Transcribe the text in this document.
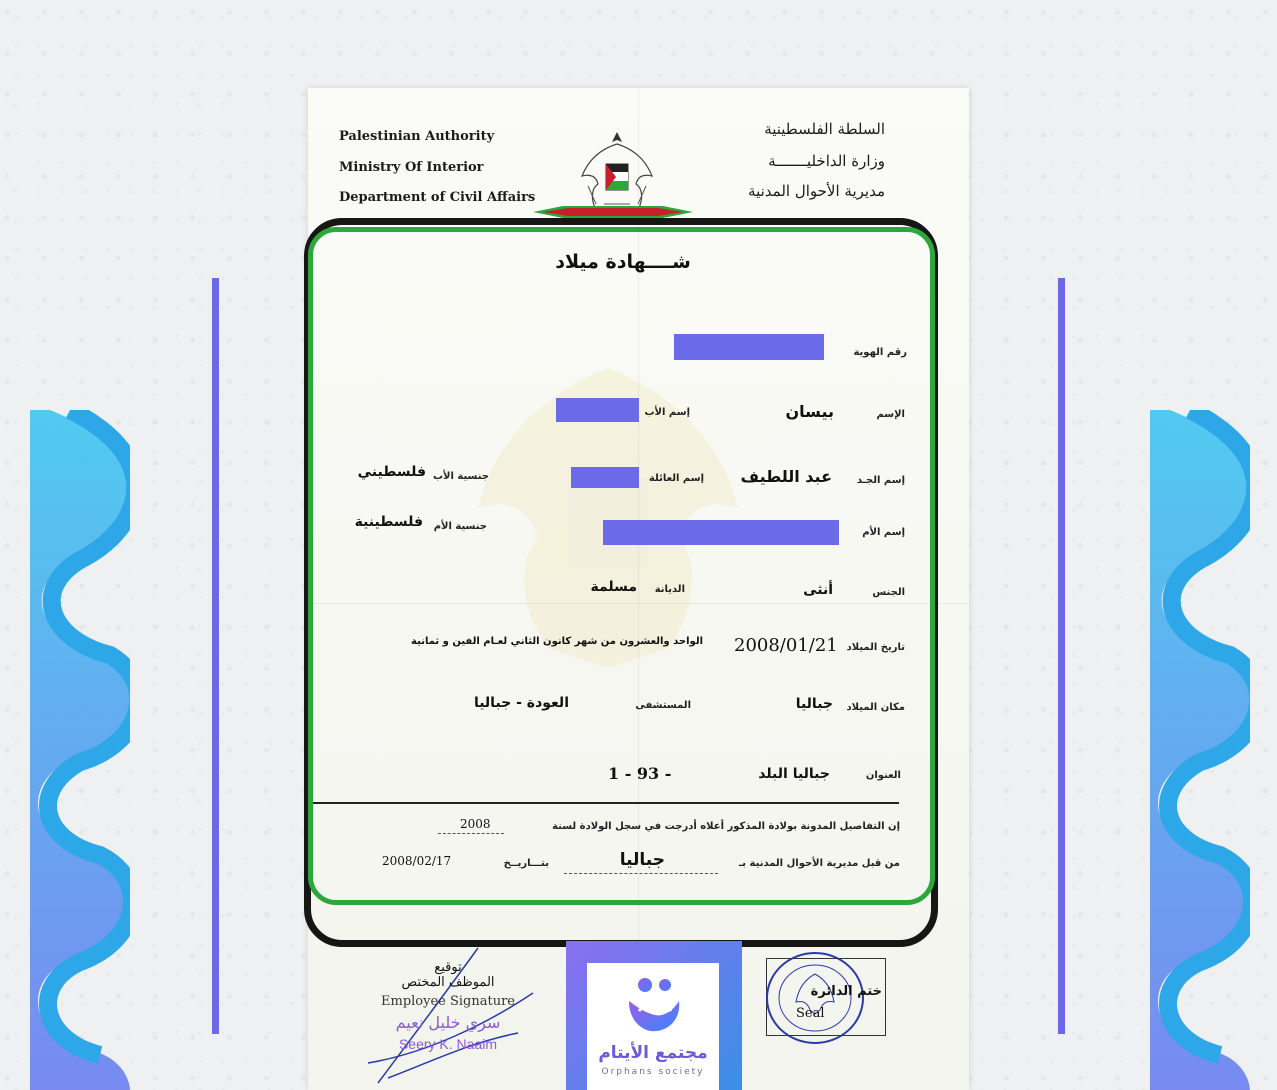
Palestinian Authority
Ministry Of Interior
Department of Civil Affairs
السلطة الفلسطينية
وزارة الداخليـــــــة
مديرية الأحوال المدنية
شــــهادة ميلاد
رقم الهوية
الإسم
بيسان
إسم الأب
إسم الجـد
عبد اللطيف
إسم العائلة
جنسية الأب
فلسطيني
إسم الأم
جنسية الأم
فلسطينية
الجنس
أنثى
الديانة
مسلمة
تاريخ الميلاد
2008/01/21
الواحد والعشرون من شهر كانون الثاني لعـام الفين و ثمانية
مكان الميلاد
جباليا
المستشفى
العودة - جباليا
العنوان
جباليا البلد
1 - 93 -
إن التفاصيل المدونة بولادة المذكور أعلاه أدرجت في سجل الولادة لسنة
2008
من قبل مديرية الأحوال المدنية بـ
جباليا
بتـــاريــخ
2008/02/17
توقيع
الموظف المختص
Employee Signature
سري خليل نعيم
Seery K. Naaim
ختم الدائرة
Seal
مجتمع الأيتام
Orphans society
